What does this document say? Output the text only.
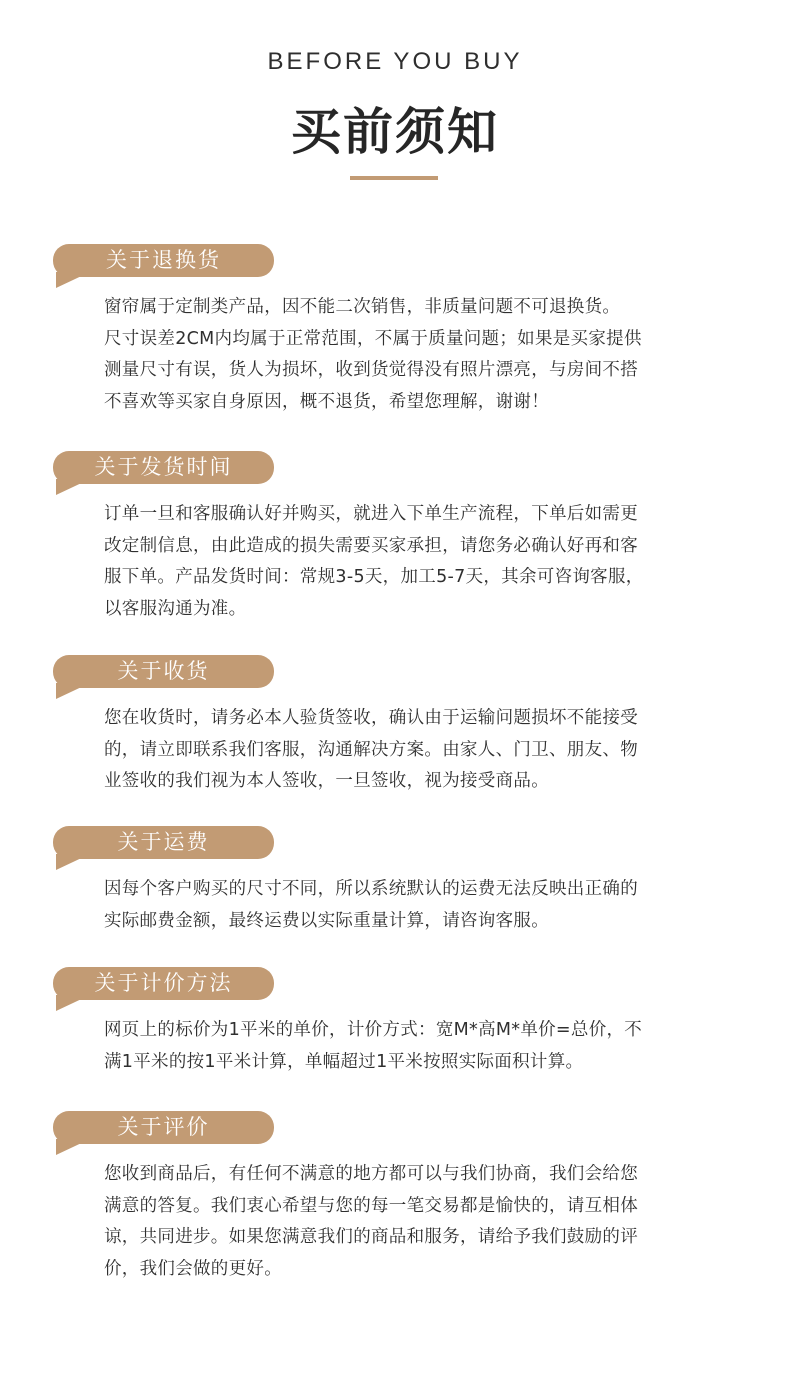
BEFORE YOU BUY
买前须知
关于退换货

窗帘属于定制类产品，因不能二次销售，非质量问题不可退换货。

尺寸误差2CM内均属于正常范围，不属于质量问题；如果是买家提供

测量尺寸有误，货人为损坏，收到货觉得没有照片漂亮，与房间不搭

不喜欢等买家自身原因，概不退货，希望您理解，谢谢！

关于发货时间

订单一旦和客服确认好并购买，就进入下单生产流程，下单后如需更

改定制信息，由此造成的损失需要买家承担，请您务必确认好再和客

服下单。产品发货时间：常规3-5天，加工5-7天，其余可咨询客服，

以客服沟通为准。

关于收货

您在收货时，请务必本人验货签收，确认由于运输问题损坏不能接受

的，请立即联系我们客服，沟通解决方案。由家人、门卫、朋友、物

业签收的我们视为本人签收，一旦签收，视为接受商品。

关于运费

因每个客户购买的尺寸不同，所以系统默认的运费无法反映出正确的

实际邮费金额，最终运费以实际重量计算，请咨询客服。

关于计价方法

网页上的标价为1平米的单价，计价方式：宽M*高M*单价=总价，不

满1平米的按1平米计算，单幅超过1平米按照实际面积计算。

关于评价

您收到商品后，有任何不满意的地方都可以与我们协商，我们会给您

满意的答复。我们衷心希望与您的每一笔交易都是愉快的，请互相体

谅，共同进步。如果您满意我们的商品和服务，请给予我们鼓励的评

价，我们会做的更好。
